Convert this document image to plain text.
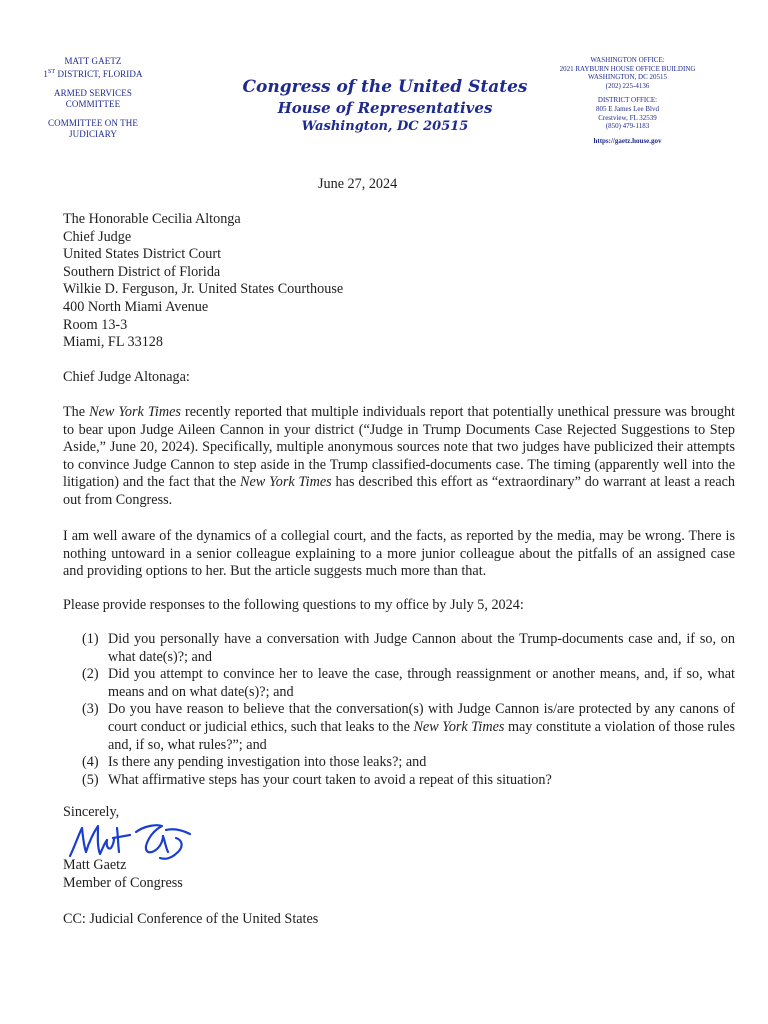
MATT GAETZ
1ST DISTRICT, FLORIDA
ARMED SERVICES
COMMITTEE
COMMITTEE ON THE
JUDICIARY
Congress of the United States
House of Representatives
Washington, DC 20515
WASHINGTON OFFICE:
2021 RAYBURN HOUSE OFFICE BUILDING
WASHINGTON, DC 20515
(202) 225-4136
DISTRICT OFFICE:
805 E James Lee Blvd
Crestview, FL 32539
(850) 479-1183
https://gaetz.house.gov
June 27, 2024
The Honorable Cecilia Altonga
Chief Judge
United States District Court
Southern District of Florida
Wilkie D. Ferguson, Jr. United States Courthouse
400 North Miami Avenue
Room 13-3
Miami, FL 33128
Chief Judge Altonaga:
The New York Times recently reported that multiple individuals report that potentially unethical pressure was brought to bear upon Judge Aileen Cannon in your district (“Judge in Trump Documents Case Rejected Suggestions to Step Aside,” June 20, 2024). Specifically, multiple anonymous sources note that two judges have publicized their attempts to convince Judge Cannon to step aside in the Trump classified-documents case. The timing (apparently well into the litigation) and the fact that the New York Times has described this effort as “extraordinary” do warrant at least a reach out from Congress.
I am well aware of the dynamics of a collegial court, and the facts, as reported by the media, may be wrong. There is nothing untoward in a senior colleague explaining to a more junior colleague about the pitfalls of an assigned case and providing options to her. But the article suggests much more than that.
Please provide responses to the following questions to my office by July 5, 2024:
(1) Did you personally have a conversation with Judge Cannon about the Trump-documents case and, if so, on what date(s)?; and
(2) Did you attempt to convince her to leave the case, through reassignment or another means, and, if so, what means and on what date(s)?; and
(3) Do you have reason to believe that the conversation(s) with Judge Cannon is/are protected by any canons of court conduct or judicial ethics, such that leaks to the New York Times may constitute a violation of those rules and, if so, what rules?”; and
(4) Is there any pending investigation into those leaks?; and
(5) What affirmative steps has your court taken to avoid a repeat of this situation?
Sincerely,
Matt Gaetz
Member of Congress
CC: Judicial Conference of the United States
